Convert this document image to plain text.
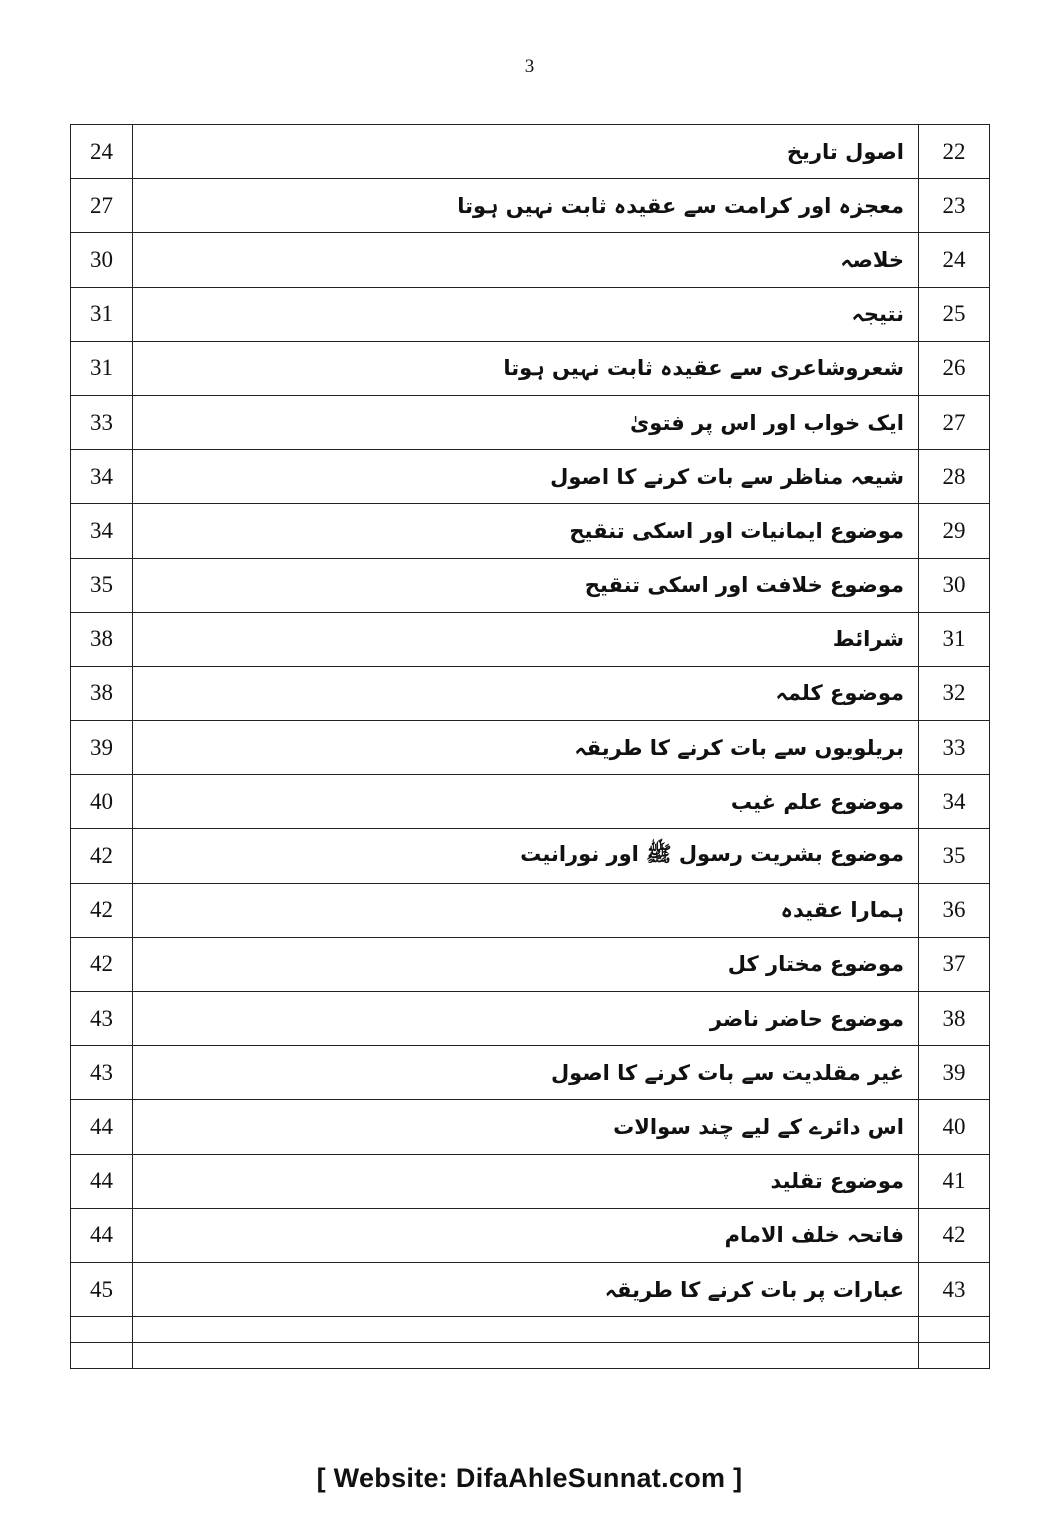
3
24	اصول تاریخ	22
27	معجزہ اور کرامت سے عقیدہ ثابت نہیں ہوتا	23
30	خلاصہ	24
31	نتیجہ	25
31	شعروشاعری سے عقیدہ ثابت نہیں ہوتا	26
33	ایک خواب اور اس پر فتویٰ	27
34	شیعہ مناظر سے بات کرنے کا اصول	28
34	موضوع ایمانیات اور اسکی تنقیح	29
35	موضوع خلافت اور اسکی تنقیح	30
38	شرائط	31
38	موضوع کلمہ	32
39	بریلویوں سے بات کرنے کا طریقہ	33
40	موضوع علم غیب	34
42	موضوع بشریت رسول ﷺ اور نورانیت	35
42	ہمارا عقیدہ	36
42	موضوع مختار کل	37
43	موضوع حاضر ناضر	38
43	غیر مقلدیت سے بات کرنے کا اصول	39
44	اس دائرے کے لیے چند سوالات	40
44	موضوع تقلید	41
44	فاتحہ خلف الامام	42
45	عبارات پر بات کرنے کا طریقہ	43

[ Website: DifaAhleSunnat.com ]
